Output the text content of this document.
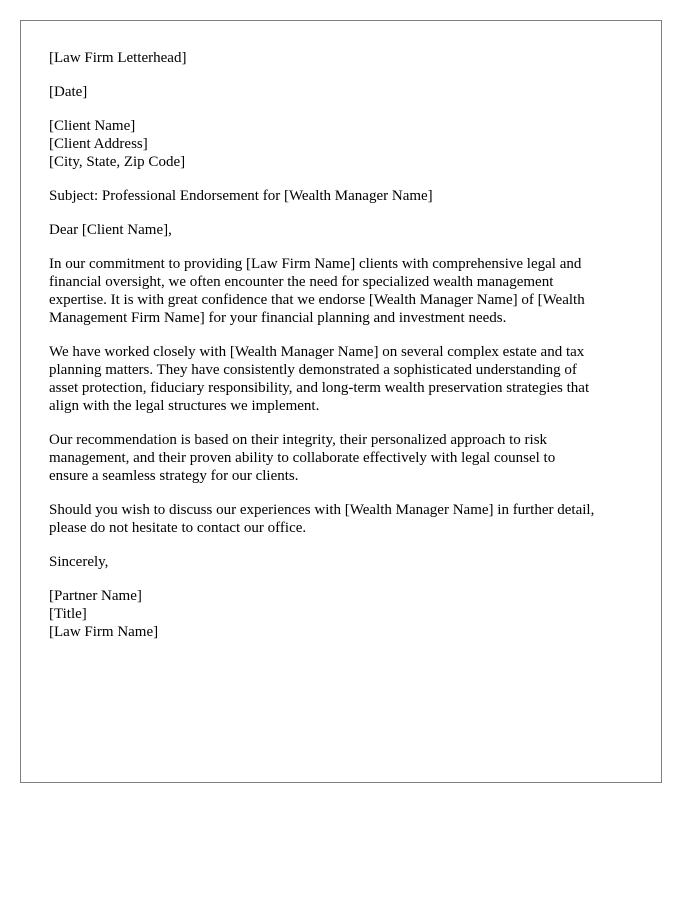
[Law Firm Letterhead]
[Date]
[Client Name]
[Client Address]
[City, State, Zip Code]
Subject: Professional Endorsement for [Wealth Manager Name]
Dear [Client Name],
In our commitment to providing [Law Firm Name] clients with comprehensive legal and
financial oversight, we often encounter the need for specialized wealth management
expertise. It is with great confidence that we endorse [Wealth Manager Name] of [Wealth
Management Firm Name] for your financial planning and investment needs.
We have worked closely with [Wealth Manager Name] on several complex estate and tax
planning matters. They have consistently demonstrated a sophisticated understanding of
asset protection, fiduciary responsibility, and long-term wealth preservation strategies that
align with the legal structures we implement.
Our recommendation is based on their integrity, their personalized approach to risk
management, and their proven ability to collaborate effectively with legal counsel to
ensure a seamless strategy for our clients.
Should you wish to discuss our experiences with [Wealth Manager Name] in further detail,
please do not hesitate to contact our office.
Sincerely,
[Partner Name]
[Title]
[Law Firm Name]
